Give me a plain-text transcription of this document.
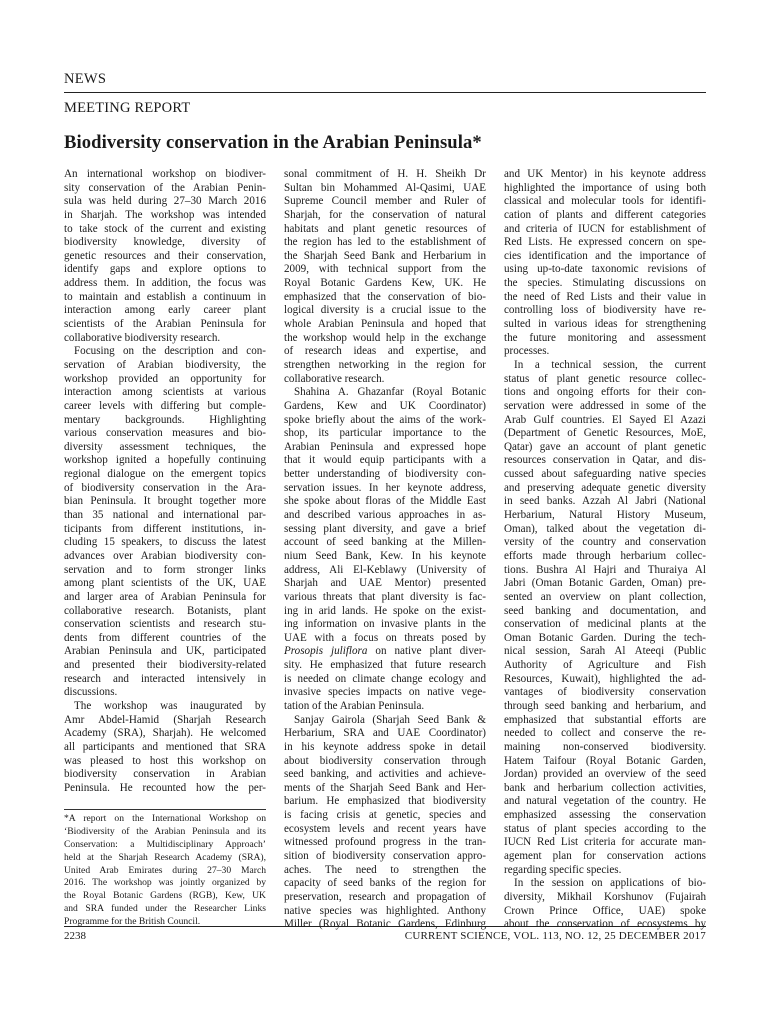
NEWS
MEETING REPORT
Biodiversity conservation in the Arabian Peninsula*
An international workshop on biodiver-
sity conservation of the Arabian Penin-
sula was held during 27–30 March 2016
in Sharjah. The workshop was intended
to take stock of the current and existing
biodiversity knowledge, diversity of
genetic resources and their conservation,
identify gaps and explore options to
address them. In addition, the focus was
to maintain and establish a continuum in
interaction among early career plant
scientists of the Arabian Peninsula for
collaborative biodiversity research.
Focusing on the description and con-
servation of Arabian biodiversity, the
workshop provided an opportunity for
interaction among scientists at various
career levels with differing but comple-
mentary backgrounds. Highlighting
various conservation measures and bio-
diversity assessment techniques, the
workshop ignited a hopefully continuing
regional dialogue on the emergent topics
of biodiversity conservation in the Ara-
bian Peninsula. It brought together more
than 35 national and international par-
ticipants from different institutions, in-
cluding 15 speakers, to discuss the latest
advances over Arabian biodiversity con-
servation and to form stronger links
among plant scientists of the UK, UAE
and larger area of Arabian Peninsula for
collaborative research. Botanists, plant
conservation scientists and research stu-
dents from different countries of the
Arabian Peninsula and UK, participated
and presented their biodiversity-related
research and interacted intensively in
discussions.
The workshop was inaugurated by
Amr Abdel-Hamid (Sharjah Research
Academy (SRA), Sharjah). He welcomed
all participants and mentioned that SRA
was pleased to host this workshop on
biodiversity conservation in Arabian
Peninsula. He recounted how the per-
sonal commitment of H. H. Sheikh Dr
Sultan bin Mohammed Al-Qasimi, UAE
Supreme Council member and Ruler of
Sharjah, for the conservation of natural
habitats and plant genetic resources of
the region has led to the establishment of
the Sharjah Seed Bank and Herbarium in
2009, with technical support from the
Royal Botanic Gardens Kew, UK. He
emphasized that the conservation of bio-
logical diversity is a crucial issue to the
whole Arabian Peninsula and hoped that
the workshop would help in the exchange
of research ideas and expertise, and
strengthen networking in the region for
collaborative research.
Shahina A. Ghazanfar (Royal Botanic
Gardens, Kew and UK Coordinator)
spoke briefly about the aims of the work-
shop, its particular importance to the
Arabian Peninsula and expressed hope
that it would equip participants with a
better understanding of biodiversity con-
servation issues. In her keynote address,
she spoke about floras of the Middle East
and described various approaches in as-
sessing plant diversity, and gave a brief
account of seed banking at the Millen-
nium Seed Bank, Kew. In his keynote
address, Ali El-Keblawy (University of
Sharjah and UAE Mentor) presented
various threats that plant diversity is fac-
ing in arid lands. He spoke on the exist-
ing information on invasive plants in the
UAE with a focus on threats posed by
Prosopis juliflora on native plant diver-
sity. He emphasized that future research
is needed on climate change ecology and
invasive species impacts on native vege-
tation of the Arabian Peninsula.
Sanjay Gairola (Sharjah Seed Bank &
Herbarium, SRA and UAE Coordinator)
in his keynote address spoke in detail
about biodiversity conservation through
seed banking, and activities and achieve-
ments of the Sharjah Seed Bank and Her-
barium. He emphasized that biodiversity
is facing crisis at genetic, species and
ecosystem levels and recent years have
witnessed profound progress in the tran-
sition of biodiversity conservation appro-
aches. The need to strengthen the
capacity of seed banks of the region for
preservation, research and propagation of
native species was highlighted. Anthony
Miller (Royal Botanic Gardens, Edinburg
and UK Mentor) in his keynote address
highlighted the importance of using both
classical and molecular tools for identifi-
cation of plants and different categories
and criteria of IUCN for establishment of
Red Lists. He expressed concern on spe-
cies identification and the importance of
using up-to-date taxonomic revisions of
the species. Stimulating discussions on
the need of Red Lists and their value in
controlling loss of biodiversity have re-
sulted in various ideas for strengthening
the future monitoring and assessment
processes.
In a technical session, the current
status of plant genetic resource collec-
tions and ongoing efforts for their con-
servation were addressed in some of the
Arab Gulf countries. El Sayed El Azazi
(Department of Genetic Resources, MoE,
Qatar) gave an account of plant genetic
resources conservation in Qatar, and dis-
cussed about safeguarding native species
and preserving adequate genetic diversity
in seed banks. Azzah Al Jabri (National
Herbarium, Natural History Museum,
Oman), talked about the vegetation di-
versity of the country and conservation
efforts made through herbarium collec-
tions. Bushra Al Hajri and Thuraiya Al
Jabri (Oman Botanic Garden, Oman) pre-
sented an overview on plant collection,
seed banking and documentation, and
conservation of medicinal plants at the
Oman Botanic Garden. During the tech-
nical session, Sarah Al Ateeqi (Public
Authority of Agriculture and Fish
Resources, Kuwait), highlighted the ad-
vantages of biodiversity conservation
through seed banking and herbarium, and
emphasized that substantial efforts are
needed to collect and conserve the re-
maining non-conserved biodiversity.
Hatem Taifour (Royal Botanic Garden,
Jordan) provided an overview of the seed
bank and herbarium collection activities,
and natural vegetation of the country. He
emphasized assessing the conservation
status of plant species according to the
IUCN Red List criteria for accurate man-
agement plan for conservation actions
regarding specific species.
In the session on applications of bio-
diversity, Mikhail Korshunov (Fujairah
Crown Prince Office, UAE) spoke
about the conservation of ecosystems by
*A report on the International Workshop on
‘Biodiversity of the Arabian Peninsula and its
Conservation: a Multidisciplinary Approach’
held at the Sharjah Research Academy (SRA),
United Arab Emirates during 27–30 March
2016. The workshop was jointly organized by
the Royal Botanic Gardens (RGB), Kew, UK
and SRA funded under the Researcher Links
Programme for the British Council.
2238	CURRENT SCIENCE, VOL. 113, NO. 12, 25 DECEMBER 2017
